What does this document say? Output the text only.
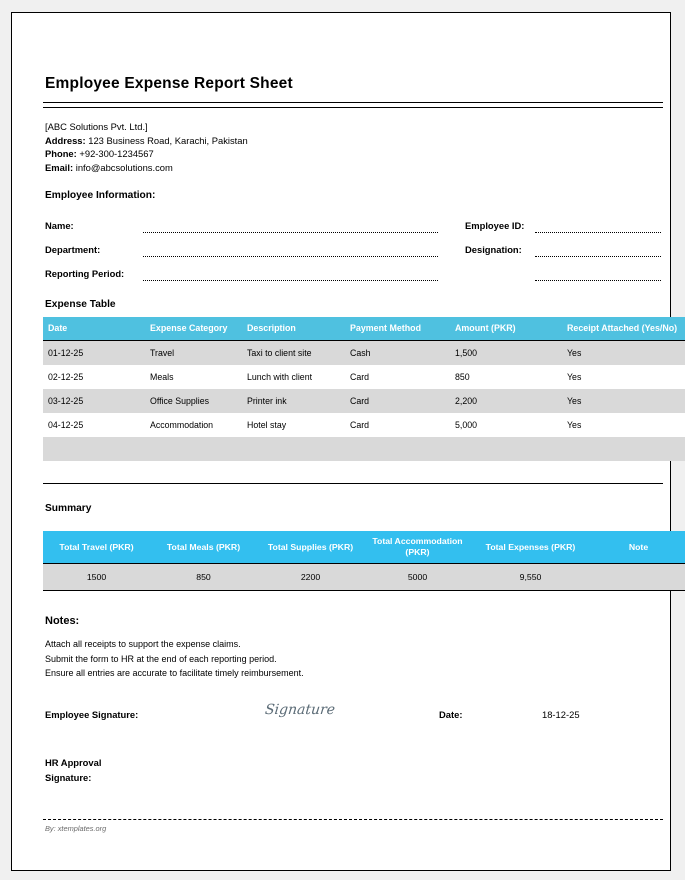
Employee Expense Report Sheet
[ABC Solutions Pvt. Ltd.]
Address: 123 Business Road, Karachi, Pakistan
Phone: +92-300-1234567
Email: info@abcsolutions.com
Employee Information:
Name:	Employee ID:
Department:	Designation:
Reporting Period:
Expense Table
Date	Expense Category	Description	Payment Method	Amount (PKR)	Receipt Attached (Yes/No)
01-12-25	Travel	Taxi to client site	Cash	1,500	Yes
02-12-25	Meals	Lunch with client	Card	850	Yes
03-12-25	Office Supplies	Printer ink	Card	2,200	Yes
04-12-25	Accommodation	Hotel stay	Card	5,000	Yes

Summary
Total Travel (PKR)	Total Meals (PKR)	Total Supplies (PKR)	Total Accommodation (PKR)	Total Expenses (PKR)	Note
1500	850	2200	5000	9,550	
Notes:
Attach all receipts to support the expense claims.
Submit the form to HR at the end of each reporting period.
Ensure all entries are accurate to facilitate timely reimbursement.
Employee Signature:	Signature	Date:	18-12-25
HR Approval
Signature:
By: xtemplates.org
